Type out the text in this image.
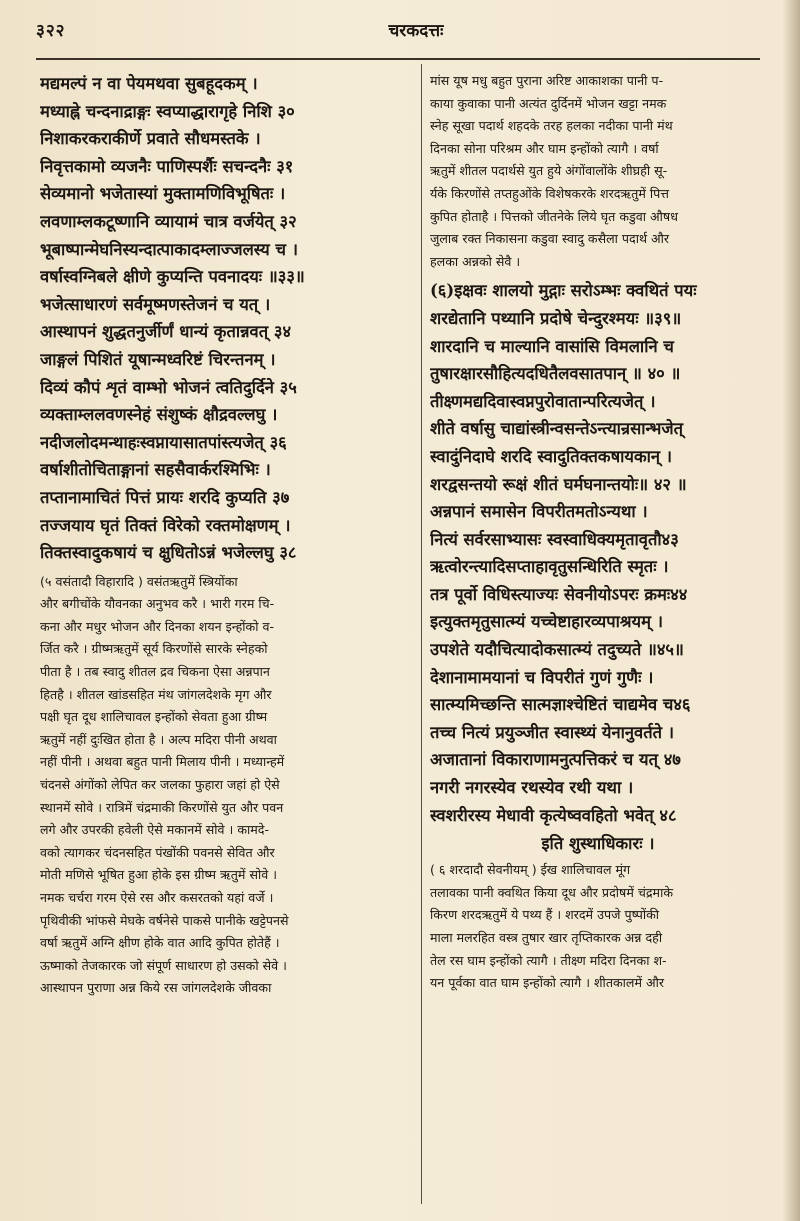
३२२	चरकदत्तः
मद्यमल्पं न वा पेयमथवा सुबहूदकम् ।
मध्याह्ने चन्दनाद्राङ्गः स्वप्याद्धारागृहे निशि ३०
निशाकरकराकीर्णे प्रवाते सौधमस्तके ।
निवृत्तकामो व्यजनैः पाणिस्पर्शैः सचन्दनैः ३१
सेव्यमानो भजेतास्यां मुक्तामणिविभूषितः ।
लवणाम्लकटूष्णानि व्यायामं चात्र वर्जयेत् ३२
भूबाष्पान्मेघनिस्यन्दात्पाकादम्लाज्जलस्य च ।
वर्षास्वग्निबले क्षीणे कुप्यन्ति पवनादयः ॥३३॥
भजेत्साधारणं सर्वमूष्मणस्तेजनं च यत् ।
आस्थापनं शुद्धतनुर्जीर्णं धान्यं कृतान्नवत् ३४
जाङ्गलं पिशितं यूषान्मध्वरिष्टं चिरन्तनम् ।
दिव्यं कौपं शृतं वाम्भो भोजनं त्वतिदुर्दिने ३५
व्यक्ताम्ललवणस्नेहं संशुष्कं क्षौद्रवल्लघु ।
नदीजलोदमन्थाहःस्वप्नायासातपांस्त्यजेत् ३६
वर्षाशीतोचिताङ्गानां सहसैवार्करश्मिभिः ।
तप्तानामाचितं पित्तं प्रायः शरदि कुप्यति ३७
तज्जयाय घृतं तिक्तं विरेको रक्तमोक्षणम् ।
तिक्तस्वादुकषायं च क्षुधितोऽन्नं भजेल्लघु ३८
(५ वसंतादौ विहारादि ) वसंतऋतुमें स्त्रियोंका
और बगीचोंके यौवनका अनुभव करै । भारी गरम चि-
कना और मधुर भोजन और दिनका शयन इन्होंको व-
र्जित करै । ग्रीष्मऋतुमें सूर्य किरणोंसे सारके स्नेहको
पीता है । तब स्वादु शीतल द्रव चिकना ऐसा अन्नपान
हितहै । शीतल खांडसहित मंथ जांगलदेशके मृग और
पक्षी घृत दूध शालिचावल इन्होंको सेवता हुआ ग्रीष्म
ऋतुमें नहीं दुःखित होता है । अल्प मदिरा पीनी अथवा
नहीं पीनी । अथवा बहुत पानी मिलाय पीनी । मध्यान्हमें
चंदनसे अंगोंको लेपित कर जलका फुहारा जहां हो ऐसे
स्थानमें सोवे । रात्रिमें चंद्रमाकी किरणोंसे युत और पवन
लगे और उपरकी हवेली ऐसे मकानमें सोवे । कामदे-
वको त्यागकर चंदनसहित पंखोंकी पवनसे सेवित और
मोती मणिसे भूषित हुआ होके इस ग्रीष्म ऋतुमें सोवे ।
नमक चर्चरा गरम ऐसे रस और कसरतको यहां वर्जे ।
पृथिवीकी भांफसे मेघके वर्षनेसे पाकसे पानीके खट्टेपनसे
वर्षा ऋतुमें अग्नि क्षीण होके वात आदि कुपित होतेहैं ।
ऊष्माको तेजकारक जो संपूर्ण साधारण हो उसको सेवे ।
आस्थापन पुराणा अन्न किये रस जांगलदेशके जीवका
मांस यूष मधु बहुत पुराना अरिष्ट आकाशका पानी प-
काया कुवाका पानी अत्यंत दुर्दिनमें भोजन खट्टा नमक
स्नेह सूखा पदार्थ शहदके तरह हलका नदीका पानी मंथ
दिनका सोना परिश्रम और घाम इन्होंको त्यागै । वर्षा
ऋतुमें शीतल पदार्थसे युत हुये अंगोंवालोंके शीघ्रही सू-
र्यके किरणोंसे तप्तहुओंके विशेषकरके शरदऋतुमें पित्त
कुपित होताहै । पित्तको जीतनेके लिये घृत कडुवा औषध
जुलाब रक्त निकासना कडुवा स्वादु कसैला पदार्थ और
हलका अन्नको सेवै ।
(६)इक्षवः शालयो मुद्गाः सरोऽम्भः क्वथितं पयः
शरद्येतानि पथ्यानि प्रदोषे चेन्दुरश्मयः ॥३९॥
शारदानि च माल्यानि वासांसि विमलानि च
तुषारक्षारसौहित्यदधितैलवसातपान् ॥ ४० ॥
तीक्ष्णमद्यदिवास्वप्नपुरोवातान्परित्यजेत् ।
शीते वर्षासु चाद्यांस्त्रीन्वसन्तेऽन्त्यान्रसान्भजेत्
स्वादुंनिदाघे शरदि स्वादुतिक्तकषायकान् ।
शरद्वसन्तयो रूक्षं शीतं घर्मघनान्तयोः॥ ४२ ॥
अन्नपानं समासेन विपरीतमतोऽन्यथा ।
नित्यं सर्वरसाभ्यासः स्वस्वाधिक्यमृतावृतौ४३
ऋत्वोरन्त्यादिसप्ताहावृतुसन्धिरिति स्मृतः ।
तत्र पूर्वो विधिस्त्याज्यः सेवनीयोऽपरः क्रमः४४
इत्युक्तमृतुसात्म्यं यच्चेष्टाहारव्यपाश्रयम् ।
उपशेते यदौचित्यादोकसात्म्यं तदुच्यते ॥४५॥
देशानामामयानां च विपरीतं गुणं गुणैः ।
सात्म्यमिच्छन्ति सात्मज्ञाश्चेष्टितं चाद्यमेव च४६
तच्च नित्यं प्रयुञ्जीत स्वास्थ्यं येनानुवर्तते ।
अजातानां विकाराणामनुत्पत्तिकरं च यत् ४७
नगरी नगरस्येव रथस्येव रथी यथा ।
स्वशरीरस्य मेधावी कृत्येष्ववहितो भवेत् ४८
इति शुस्थाधिकारः ।
( ६ शरदादौ सेवनीयम् ) ईख शालिचावल मूंग
तलावका पानी क्वथित किया दूध और प्रदोषमें चंद्रमाके
किरण शरदऋतुमें ये पथ्य हैं । शरदमें उपजे पुष्पोंकी
माला मलरहित वस्त्र तुषार खार तृप्तिकारक अन्न दही
तेल रस घाम इन्होंको त्यागै । तीक्ष्ण मदिरा दिनका श-
यन पूर्वका वात घाम इन्होंको त्यागै । शीतकालमें और
